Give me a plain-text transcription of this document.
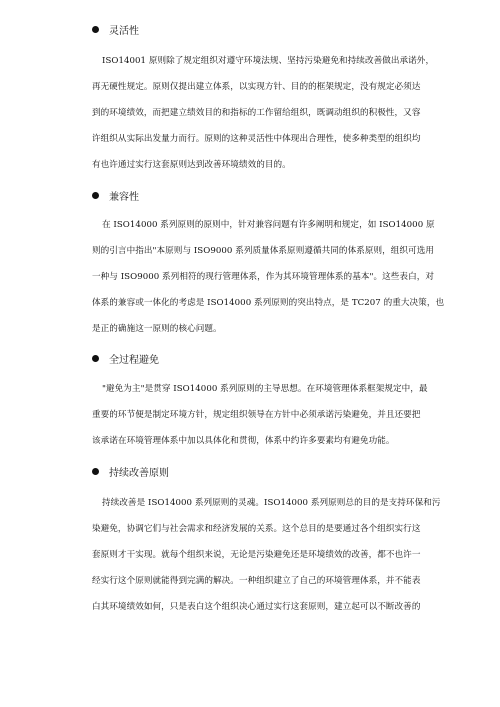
灵活性
ISO14001 原则除了规定组织对遵守环境法规、坚持污染避免和持续改善做出承诺外，
再无硬性规定。原则仅提出建立体系，以实现方针、目的的框架规定，没有规定必须达
到的环境绩效，而把建立绩效目的和指标的工作留给组织，既调动组织的积极性，又容
许组织从实际出发量力而行。原则的这种灵活性中体现出合理性，使多种类型的组织均
有也许通过实行这套原则达到改善环境绩效的目的。
兼容性
在 ISO14000 系列原则的原则中，针对兼容问题有许多阐明和规定，如 ISO14000 原
则的引言中指出"本原则与 ISO9000 系列质量体系原则遵循共同的体系原则，组织可选用
一种与 ISO9000 系列相符的现行管理体系，作为其环境管理体系的基本"。这些表白，对
体系的兼容或一体化的考虑是 ISO14000 系列原则的突出特点，是 TC207 的重大决策，也
是正的确施这一原则的核心问题。
全过程避免
"避免为主"是贯穿 ISO14000 系列原则的主导思想。在环境管理体系框架规定中，最
重要的环节便是制定环境方针，规定组织领导在方针中必须承诺污染避免，并且还要把
该承诺在环境管理体系中加以具体化和贯彻，体系中约许多要素均有避免功能。
持续改善原则
持续改善是 ISO14000 系列原则的灵魂。ISO14000 系列原则总的目的是支持环保和污
染避免，协调它们与社会需求和经济发展的关系。这个总目的是要通过各个组织实行这
套原则才干实现。就每个组织来说，无论是污染避免还是环境绩效的改善，都不也许一
经实行这个原则就能得到完满的解决。一种组织建立了自己的环境管理体系，并不能表
白其环境绩效如何，只是表白这个组织决心通过实行这套原则，建立起可以不断改善的
